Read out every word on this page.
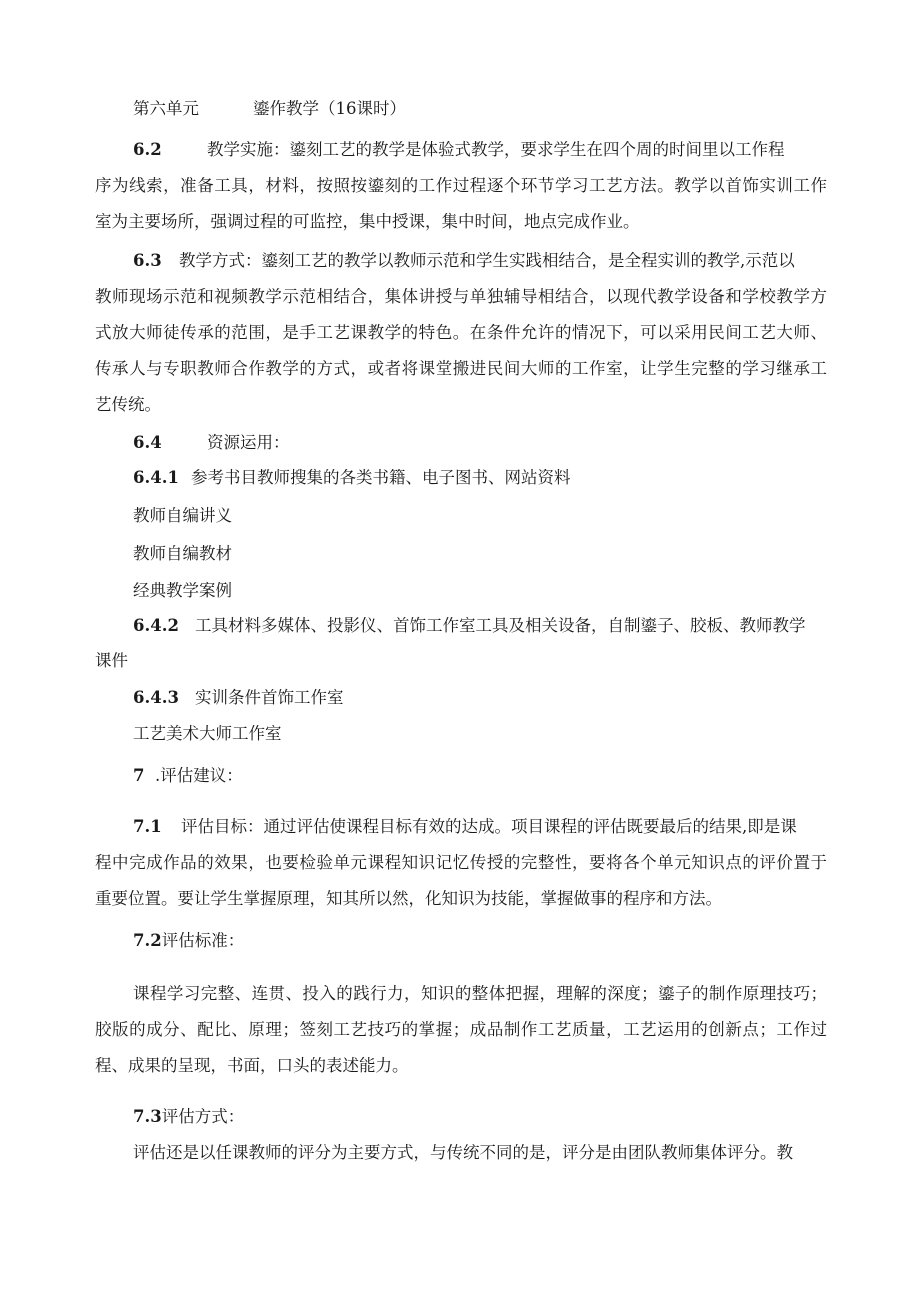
第六单元	鎏作教学（16课时）
6.2	教学实施：鎏刻工艺的教学是体验式教学，要求学生在四个周的时间里以工作程
序为线索，准备工具，材料，按照按鎏刻的工作过程逐个环节学习工艺方法。教学以首饰实训工作
室为主要场所，强调过程的可监控，集中授课，集中时间，地点完成作业。
6.3 教学方式：鎏刻工艺的教学以教师示范和学生实践相结合，是全程实训的教学,示范以
教师现场示范和视频教学示范相结合，集体讲授与单独辅导相结合，以现代教学设备和学校教学方
式放大师徒传承的范围，是手工艺课教学的特色。在条件允许的情况下，可以采用民间工艺大师、
传承人与专职教师合作教学的方式，或者将课堂搬进民间大师的工作室，让学生完整的学习继承工
艺传统。
6.4	资源运用：
6.4.1 参考书目教师搜集的各类书籍、电子图书、网站资料
教师自编讲义
教师自编教材
经典教学案例
6.4.2 工具材料多媒体、投影仪、首饰工作室工具及相关设备，自制鎏子、胶板、教师教学
课件
6.4.3 实训条件首饰工作室
工艺美术大师工作室
7 .评估建议：
7.1 评估目标：通过评估使课程目标有效的达成。项目课程的评估既要最后的结果,即是课
程中完成作品的效果，也要检验单元课程知识记忆传授的完整性，要将各个单元知识点的评价置于
重要位置。要让学生掌握原理，知其所以然，化知识为技能，掌握做事的程序和方法。
7.2评估标准：
课程学习完整、连贯、投入的践行力，知识的整体把握，理解的深度；鎏子的制作原理技巧；
胶版的成分、配比、原理；签刻工艺技巧的掌握；成品制作工艺质量，工艺运用的创新点；工作过
程、成果的呈现，书面，口头的表述能力。
7.3评估方式：
评估还是以任课教师的评分为主要方式，与传统不同的是，评分是由团队教师集体评分。教
